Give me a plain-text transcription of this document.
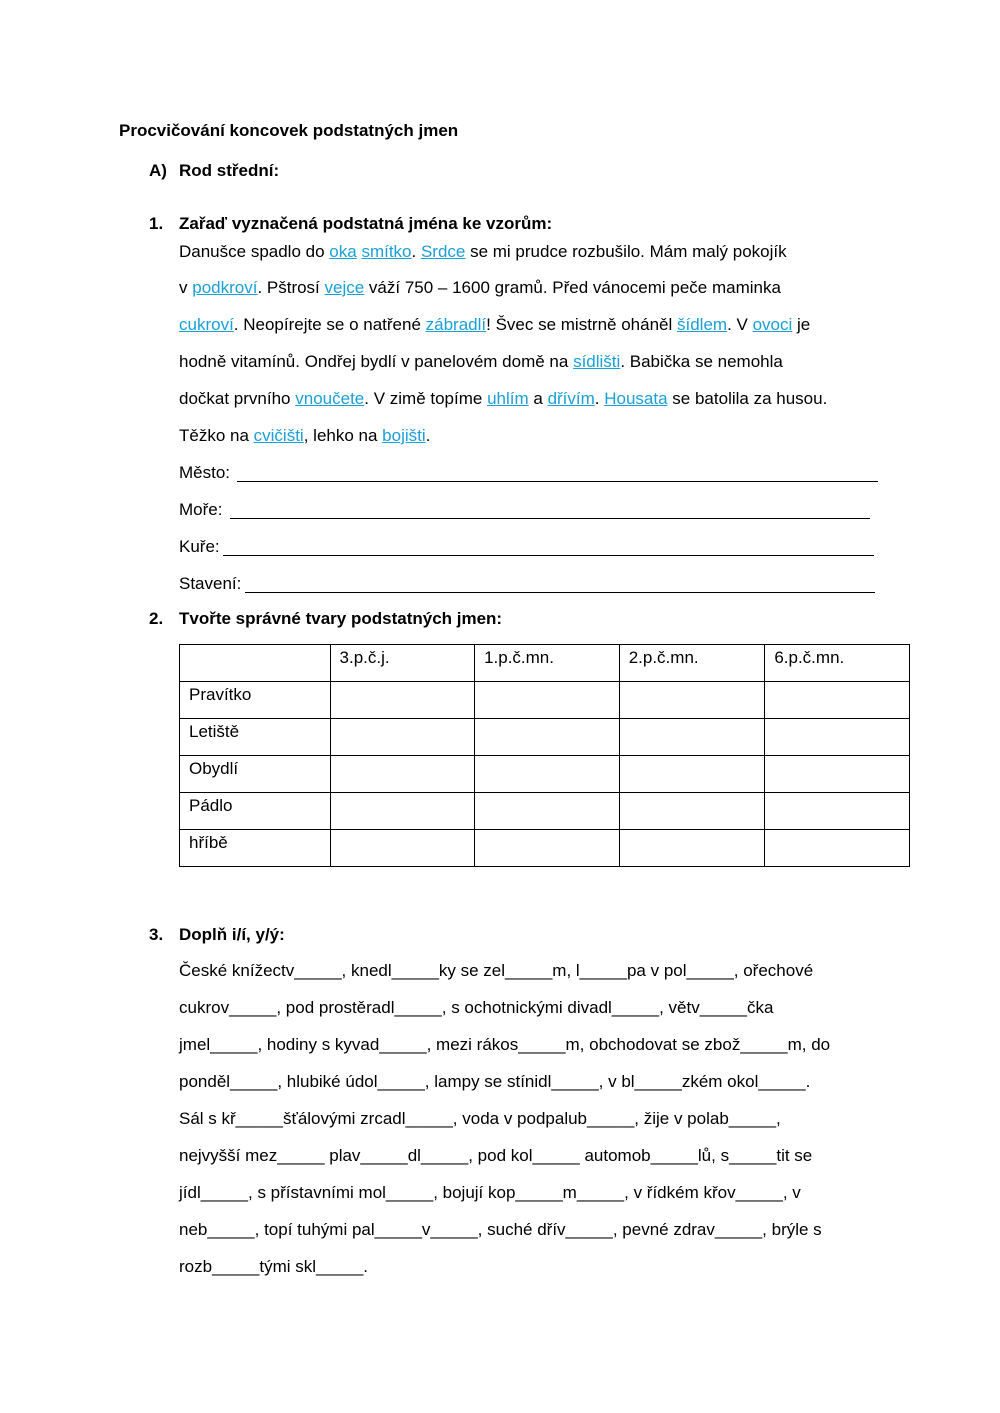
Procvičování koncovek podstatných jmen
A) Rod střední:
1. Zařaď vyznačená podstatná jména ke vzorům:
Danušce spadlo do oka smítko. Srdce se mi prudce rozbušilo. Mám malý pokojík
v podkroví. Pštrosí vejce váží 750 – 1600 gramů. Před vánocemi peče maminka
cukroví. Neopírejte se o natřené zábradlí! Švec se mistrně oháněl šídlem. V ovoci je
hodně vitamínů. Ondřej bydlí v panelovém domě na sídlišti. Babička se nemohla
dočkat prvního vnoučete. V zimě topíme uhlím a dřívím. Housata se batolila za husou.
Těžko na cvičišti, lehko na bojišti.
Město:
Moře:
Kuře:
Stavení:
2. Tvořte správné tvary podstatných jmen:
	3.p.č.j.	1.p.č.mn.	2.p.č.mn.	6.p.č.mn.
Pravítko				
Letiště				
Obydlí				
Pádlo				
hříbě				
3. Doplň i/í, y/ý:
České knížectv_____, knedl_____ky se zel_____m, l_____pa v pol_____, ořechové
cukrov_____, pod prostěradl_____, s ochotnickými divadl_____, větv_____čka
jmel_____, hodiny s kyvad_____, mezi rákos_____m, obchodovat se zbož_____m, do
ponděl_____, hlubiké údol_____, lampy se stínidl_____, v bl_____zkém okol_____.
Sál s kř_____šťálovými zrcadl_____, voda v podpalub_____, žije v polab_____,
nejvyšší mez_____ plav_____dl_____, pod kol_____ automob_____lů, s_____tit se
jídl_____, s přístavními mol_____, bojují kop_____m_____, v řídkém křov_____, v
neb_____, topí tuhými pal_____v_____, suché dřív_____, pevné zdrav_____, brýle s
rozb_____tými skl_____.
